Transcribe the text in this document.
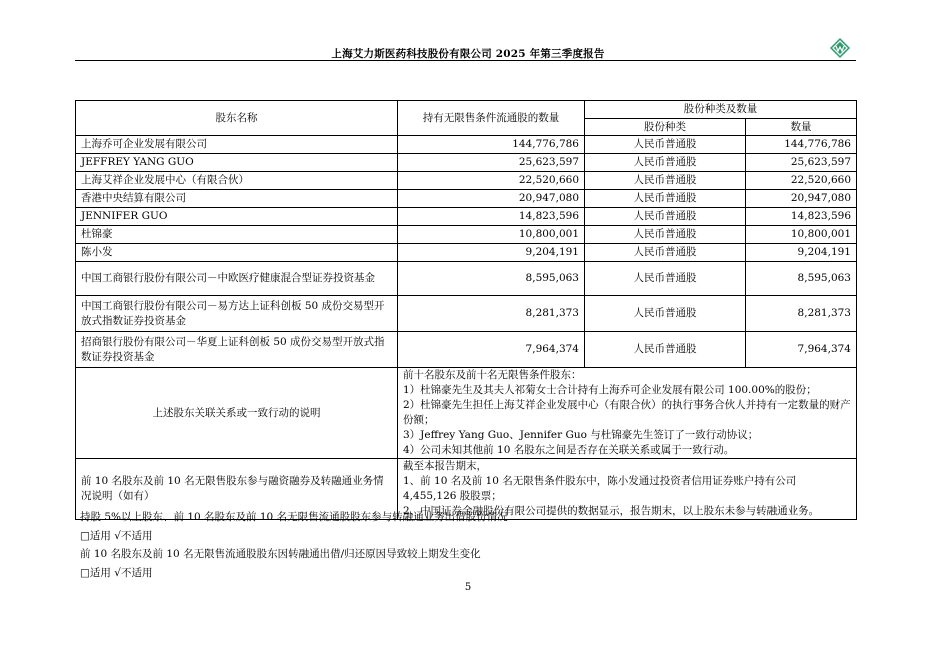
上海艾力斯医药科技股份有限公司 2025 年第三季度报告
股东名称	持有无限售条件流通股的数量	股份种类及数量	
		股份种类	数量
上海乔可企业发展有限公司	144,776,786	人民币普通股	144,776,786
JEFFREY YANG GUO	25,623,597	人民币普通股	25,623,597
上海艾祥企业发展中心（有限合伙）	22,520,660	人民币普通股	22,520,660
香港中央结算有限公司	20,947,080	人民币普通股	20,947,080
JENNIFER GUO	14,823,596	人民币普通股	14,823,596
杜锦豪	10,800,001	人民币普通股	10,800,001
陈小发	9,204,191	人民币普通股	9,204,191
中国工商银行股份有限公司－中欧医疗健康混合型证券投资基金	8,595,063	人民币普通股	8,595,063
中国工商银行股份有限公司－易方达上证科创板 50 成份交易型开放式指数证券投资基金	8,281,373	人民币普通股	8,281,373
招商银行股份有限公司－华夏上证科创板 50 成份交易型开放式指数证券投资基金	7,964,374	人民币普通股	7,964,374
上述股东关联关系或一致行动的说明	前十名股东及前十名无限售条件股东：
1）杜锦豪先生及其夫人祁菊女士合计持有上海乔可企业发展有限公司 100.00%的股份；
2）杜锦豪先生担任上海艾祥企业发展中心（有限合伙）的执行事务合伙人并持有一定数量的财产份额；
3）Jeffrey Yang Guo、Jennifer Guo 与杜锦豪先生签订了一致行动协议；
4）公司未知其他前 10 名股东之间是否存在关联关系或属于一致行动。		

前 10 名股东及前 10 名无限售股东参与融资融券及转融通业务情况说明（如有）	截至本报告期末，
1、前 10 名及前 10 名无限售条件股东中，陈小发通过投资者信用证券账户持有公司 4,455,126 股股票；
2、中国证券金融股份有限公司提供的数据显示，报告期末，以上股东未参与转融通业务。		
持股 5%以上股东、前 10 名股东及前 10 名无限售流通股股东参与转融通业务出借股份情况
□适用 √不适用
前 10 名股东及前 10 名无限售流通股股东因转融通出借/归还原因导致较上期发生变化
□适用 √不适用
5
